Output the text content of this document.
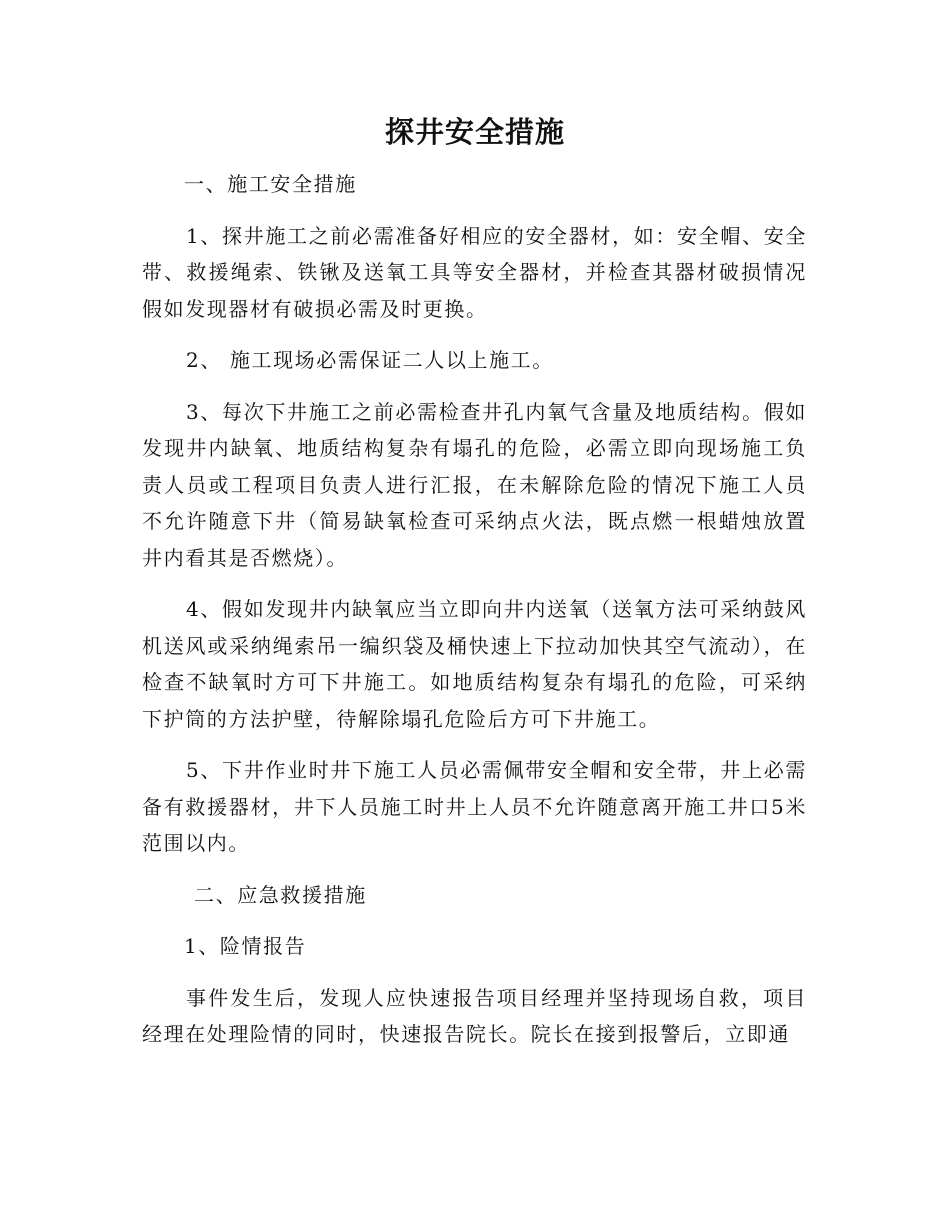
探井安全措施

一、施工安全措施

1、探井施工之前必需准备好相应的安全器材，如：安全帽、安全带、救援绳索、铁锹及送氧工具等安全器材，并检查其器材破损情况假如发现器材有破损必需及时更换。

2、 施工现场必需保证二人以上施工。

3、每次下井施工之前必需检查井孔内氧气含量及地质结构。假如发现井内缺氧、地质结构复杂有塌孔的危险，必需立即向现场施工负责人员或工程项目负责人进行汇报，在未解除危险的情况下施工人员不允许随意下井（简易缺氧检查可采纳点火法，既点燃一根蜡烛放置井内看其是否燃烧）。

4、假如发现井内缺氧应当立即向井内送氧（送氧方法可采纳鼓风机送风或采纳绳索吊一编织袋及桶快速上下拉动加快其空气流动），在检查不缺氧时方可下井施工。如地质结构复杂有塌孔的危险，可采纳下护筒的方法护壁，待解除塌孔危险后方可下井施工。

5、下井作业时井下施工人员必需佩带安全帽和安全带，井上必需备有救援器材，井下人员施工时井上人员不允许随意离开施工井口5米范围以内。

二、应急救援措施

1、险情报告

事件发生后，发现人应快速报告项目经理并坚持现场自救，项目经理在处理险情的同时，快速报告院长。院长在接到报警后，立即通
